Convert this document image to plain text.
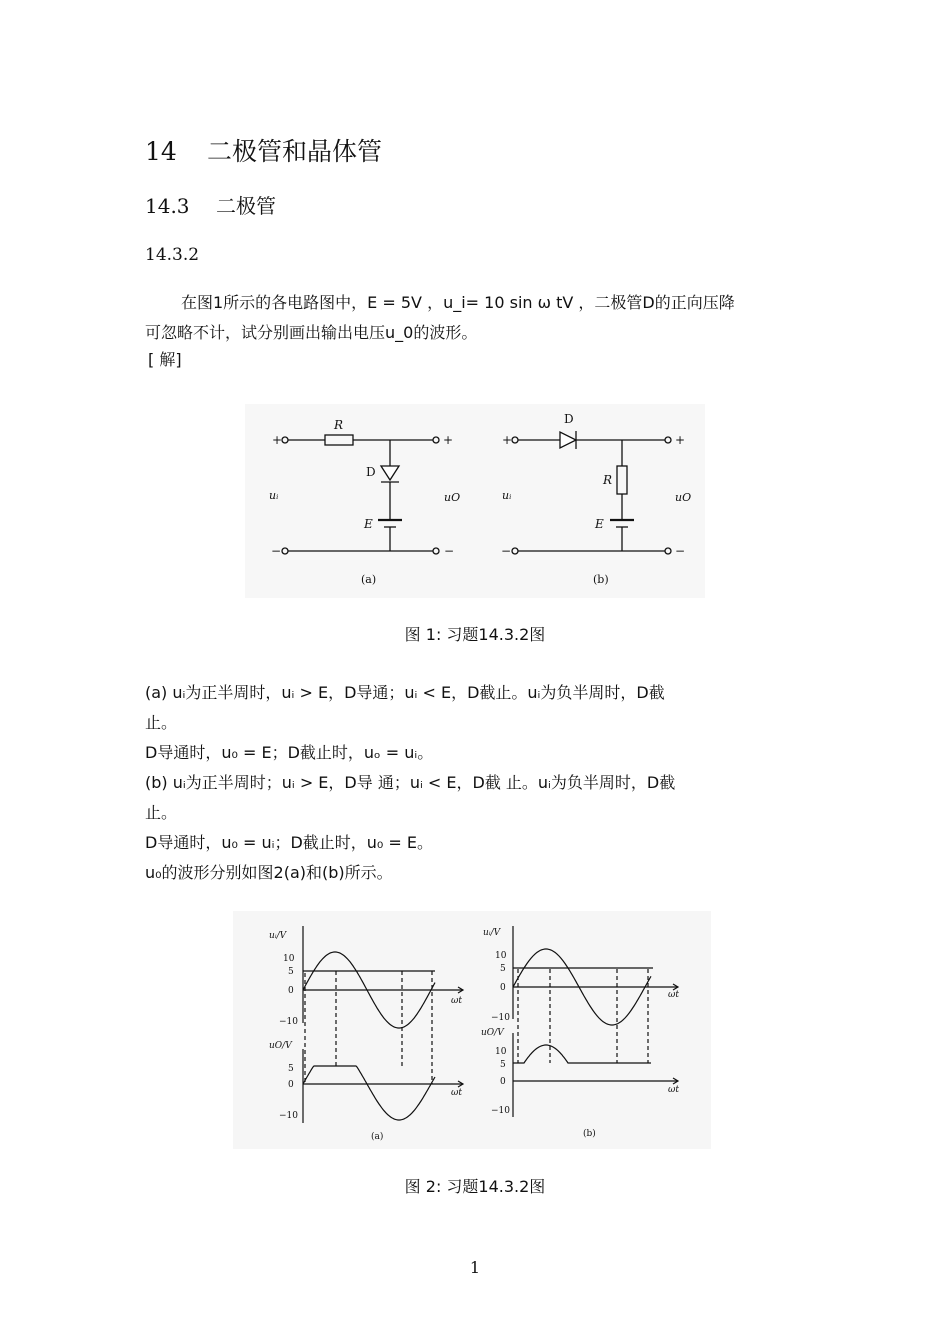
14 二极管和晶体管
14.3 二极管
14.3.2
在图1所示的各电路图中，E = 5V ，u_i= 10 sin ω tV ，二极管D的正向压降
可忽略不计，试分别画出输出电压u_0的波形。
[ 解]
+	+
R
D
E
uᵢ	uO
−	−
(a)
+	+
D
R
E
uᵢ	uO
−	−
(b)
图 1: 习题14.3.2图
(a) uᵢ为正半周时，uᵢ > E，D导通；uᵢ < E，D截止。uᵢ为负半周时，D截
止。
D导通时，u₀ = E；D截止时，uₒ = uᵢ。
(b) uᵢ为正半周时；uᵢ > E，D导 通；uᵢ < E，D截 止。uᵢ为负半周时，D截
止。
D导通时，u₀ = uᵢ；D截止时，u₀ = E。
u₀的波形分别如图2(a)和(b)所示。
uᵢ/V
10
5
0
−10
ωt
uO/V
5
0
−10
ωt
(a)
uᵢ/V
10
5
0
−10
ωt
uO/V
10
5
0
−10
ωt
(b)
图 2: 习题14.3.2图
1
